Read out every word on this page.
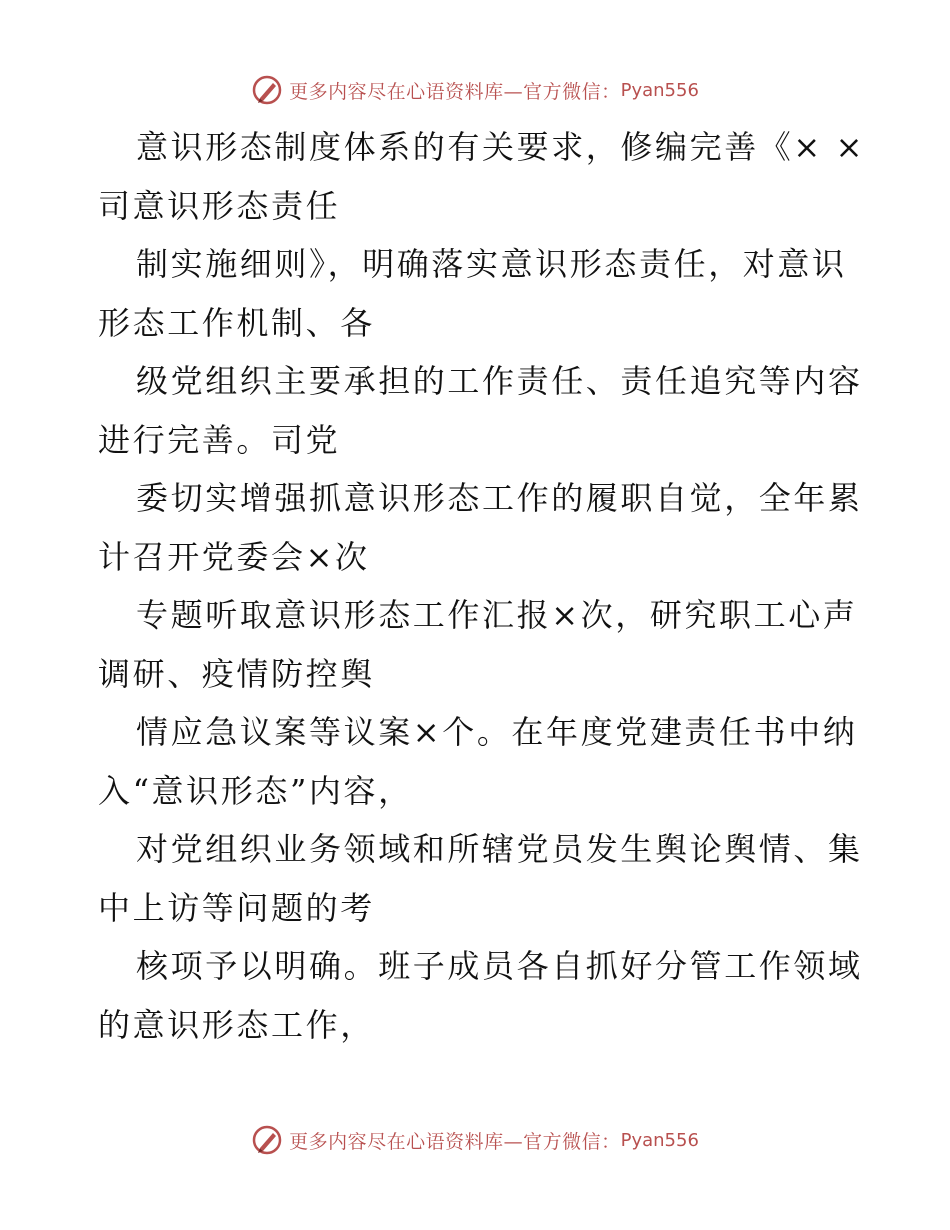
更多内容尽在心语资料库—官方微信： Pyan556

意识形态制度体系的有关要求，修编完善《× ×

司意识形态责任

制实施细则》，明确落实意识形态责任，对意识

形态工作机制、各

级党组织主要承担的工作责任、责任追究等内容

进行完善。司党

委切实增强抓意识形态工作的履职自觉，全年累

计召开党委会×次

专题听取意识形态工作汇报×次，研究职工心声

调研、疫情防控舆

情应急议案等议案×个。在年度党建责任书中纳

入“意识形态”内容，

对党组织业务领域和所辖党员发生舆论舆情、集

中上访等问题的考

核项予以明确。班子成员各自抓好分管工作领域

的意识形态工作，

更多内容尽在心语资料库—官方微信： Pyan556
